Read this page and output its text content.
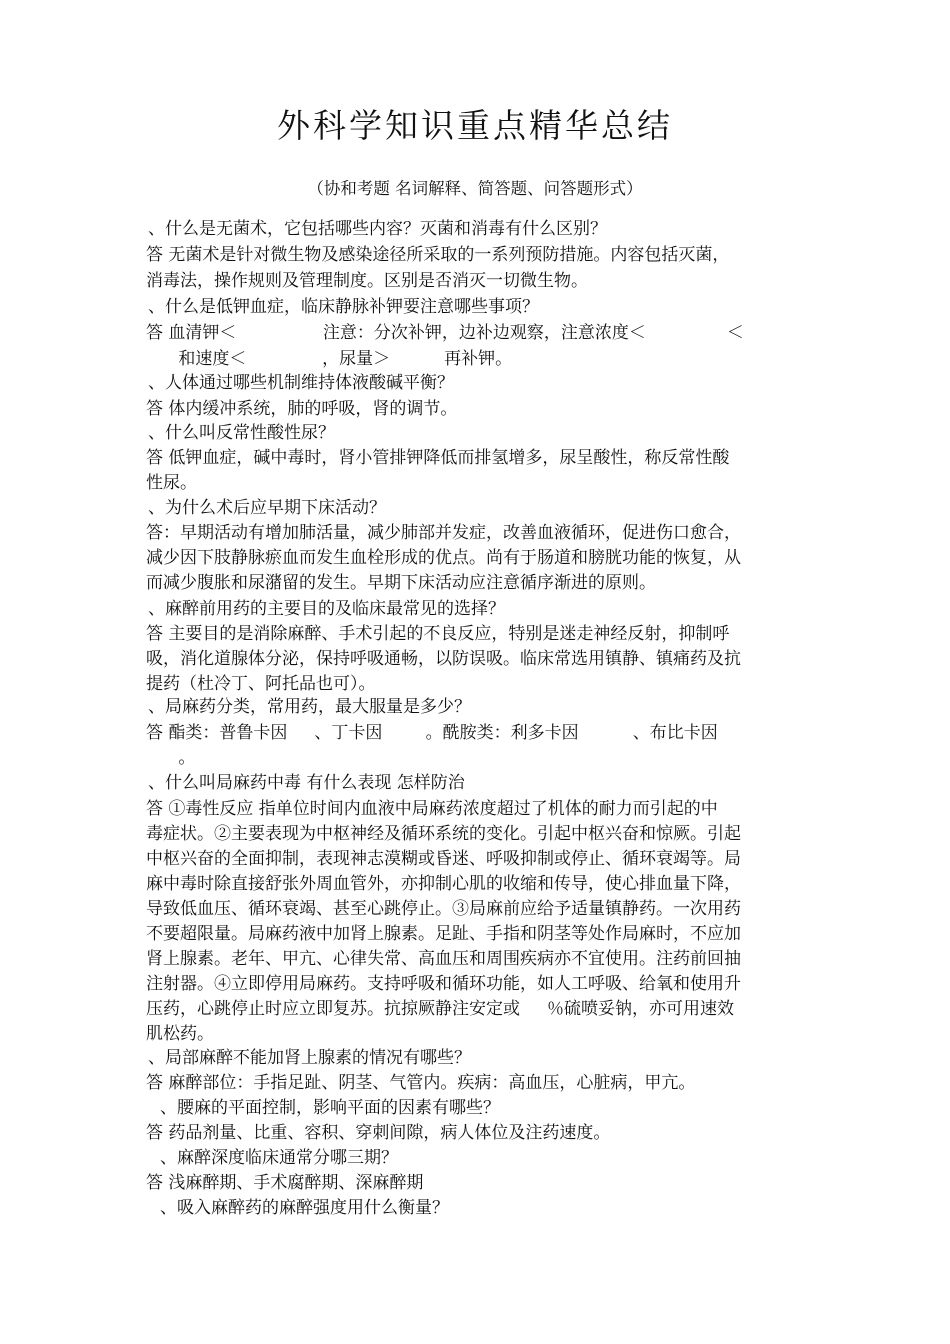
外科学知识重点精华总结
（协和考题 名词解释、简答题、问答题形式）
、什么是无菌术，它包括哪些内容？灭菌和消毒有什么区别？
答 无菌术是针对微生物及感染途径所采取的一系列预防措施。内容包括灭菌，
消毒法，操作规则及管理制度。区别是否消灭一切微生物。
、什么是低钾血症，临床静脉补钾要注意哪些事项？
答 血清钾＜                注意：分次补钾，边补边观察，注意浓度＜               ＜
和速度＜              ，尿量＞          再补钾。
、人体通过哪些机制维持体液酸碱平衡？
答 体内缓冲系统，肺的呼吸，肾的调节。
、什么叫反常性酸性尿？
答 低钾血症，碱中毒时，肾小管排钾降低而排氢增多，尿呈酸性，称反常性酸
性尿。
、为什么术后应早期下床活动？
答：早期活动有增加肺活量，减少肺部并发症，改善血液循环，促进伤口愈合，
减少因下肢静脉瘀血而发生血栓形成的优点。尚有于肠道和膀胱功能的恢复，从
而减少腹胀和尿潴留的发生。早期下床活动应注意循序渐进的原则。
、麻醉前用药的主要目的及临床最常见的选择？
答 主要目的是消除麻醉、手术引起的不良反应，特别是迷走神经反射，抑制呼
吸，消化道腺体分泌，保持呼吸通畅，以防误吸。临床常选用镇静、镇痛药及抗
提药（杜冷丁、阿托品也可）。
、局麻药分类，常用药，最大服量是多少？
答 酯类：普鲁卡因     、丁卡因        。酰胺类：利多卡因          、布比卡因
。
、什么叫局麻药中毒 有什么表现 怎样防治
答 ①毒性反应 指单位时间内血液中局麻药浓度超过了机体的耐力而引起的中
毒症状。②主要表现为中枢神经及循环系统的变化。引起中枢兴奋和惊厥。引起
中枢兴奋的全面抑制，表现神志漠糊或昏迷、呼吸抑制或停止、循环衰竭等。局
麻中毒时除直接舒张外周血管外，亦抑制心肌的收缩和传导，使心排血量下降，
导致低血压、循环衰竭、甚至心跳停止。③局麻前应给予适量镇静药。一次用药
不要超限量。局麻药液中加肾上腺素。足趾、手指和阴茎等处作局麻时，不应加
肾上腺素。老年、甲亢、心律失常、高血压和周围疾病亦不宜使用。注药前回抽
注射器。④立即停用局麻药。支持呼吸和循环功能，如人工呼吸、给氧和使用升
压药，心跳停止时应立即复苏。抗掠厥静注安定或     ％硫喷妥钠，亦可用速效
肌松药。
、局部麻醉不能加肾上腺素的情况有哪些？
答 麻醉部位：手指足趾、阴茎、气管内。疾病：高血压，心脏病，甲亢。
、腰麻的平面控制，影响平面的因素有哪些？
答 药品剂量、比重、容积、穿刺间隙，病人体位及注药速度。
、麻醉深度临床通常分哪三期？
答 浅麻醉期、手术腐醉期、深麻醉期
、吸入麻醉药的麻醉强度用什么衡量？
